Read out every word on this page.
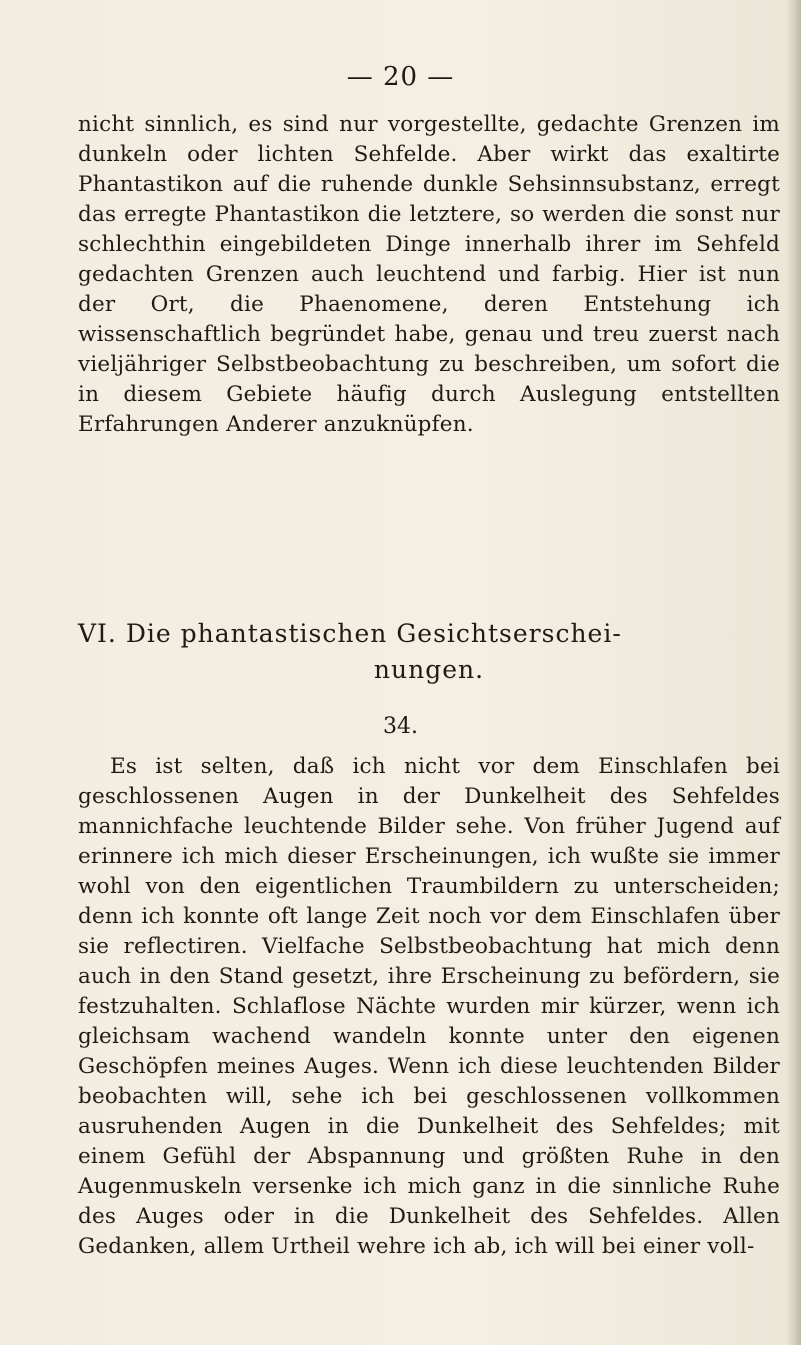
— 20 —
nicht sinnlich, es sind nur vorgestellte, gedachte Grenzen im dunkeln oder lichten Sehfelde. Aber wirkt das exaltirte Phantastikon auf die ruhende dunkle Sehsinnsubstanz, erregt das erregte Phantastikon die letztere, so werden die sonst nur schlechthin eingebildeten Dinge innerhalb ihrer im Sehfeld gedachten Grenzen auch leuchtend und farbig. Hier ist nun der Ort, die Phaenomene, deren Entstehung ich wissenschaftlich begründet habe, genau und treu zuerst nach vieljähriger Selbstbeobachtung zu beschreiben, um sofort die in diesem Gebiete häufig durch Auslegung entstellten Erfahrungen Anderer anzuknüpfen.
VI. Die phantastischen Gesichtserschei-
nungen.
34.
Es ist selten, daß ich nicht vor dem Einschlafen bei geschlossenen Augen in der Dunkelheit des Sehfeldes mannichfache leuchtende Bilder sehe. Von früher Jugend auf erinnere ich mich dieser Erscheinungen, ich wußte sie immer wohl von den eigentlichen Traumbildern zu unterscheiden; denn ich konnte oft lange Zeit noch vor dem Einschlafen über sie reflectiren. Vielfache Selbstbeobachtung hat mich denn auch in den Stand gesetzt, ihre Erscheinung zu befördern, sie festzuhalten. Schlaflose Nächte wurden mir kürzer, wenn ich gleichsam wachend wandeln konnte unter den eigenen Geschöpfen meines Auges. Wenn ich diese leuchtenden Bilder beobachten will, sehe ich bei geschlossenen vollkommen ausruhenden Augen in die Dunkelheit des Sehfeldes; mit einem Gefühl der Abspannung und größten Ruhe in den Augenmuskeln versenke ich mich ganz in die sinnliche Ruhe des Auges oder in die Dunkelheit des Sehfeldes. Allen Gedanken, allem Urtheil wehre ich ab, ich will bei einer voll-
